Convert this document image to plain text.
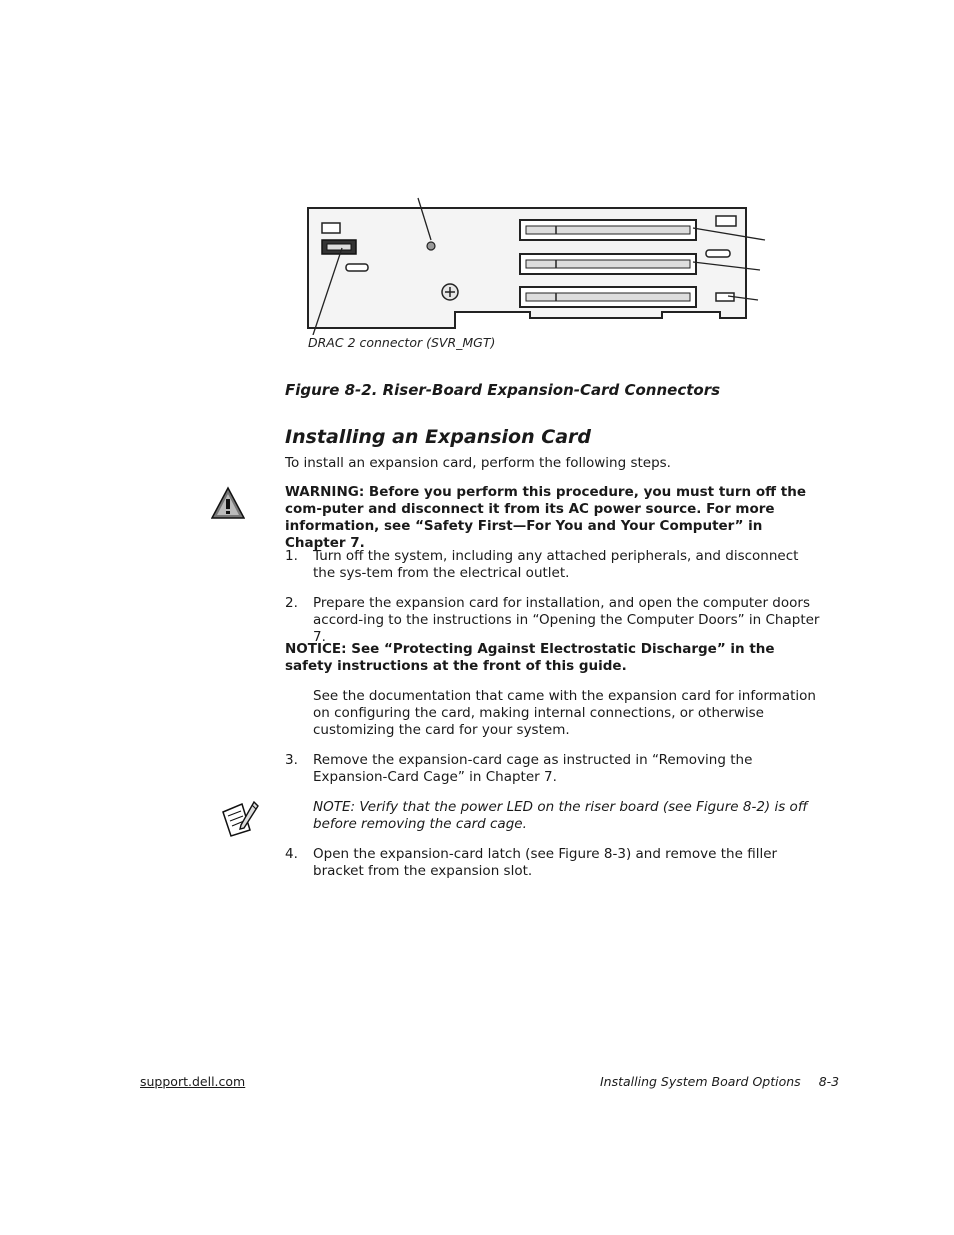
DRAC 2 connector (SVR_MGT)
Figure 8-2. Riser-Board Expansion-Card Connectors
Installing an Expansion Card
To install an expansion card, perform the following steps.
WARNING: Before you perform this procedure, you must turn off the com-puter and disconnect it from its AC power source. For more information, see “Safety First—For You and Your Computer” in Chapter 7.
1. Turn off the system, including any attached peripherals, and disconnect the sys-tem from the electrical outlet.
2. Prepare the expansion card for installation, and open the computer doors accord-ing to the instructions in “Opening the Computer Doors” in Chapter 7.
NOTICE: See “Protecting Against Electrostatic Discharge” in the safety instructions at the front of this guide.
See the documentation that came with the expansion card for information on configuring the card, making internal connections, or otherwise customizing the card for your system.
3. Remove the expansion-card cage as instructed in “Removing the Expansion-Card Cage” in Chapter 7.
NOTE: Verify that the power LED on the riser board (see Figure 8-2) is off before removing the card cage.
4. Open the expansion-card latch (see Figure 8-3) and remove the filler bracket from the expansion slot.
support.dell.com	Installing System Board Options 8-3
